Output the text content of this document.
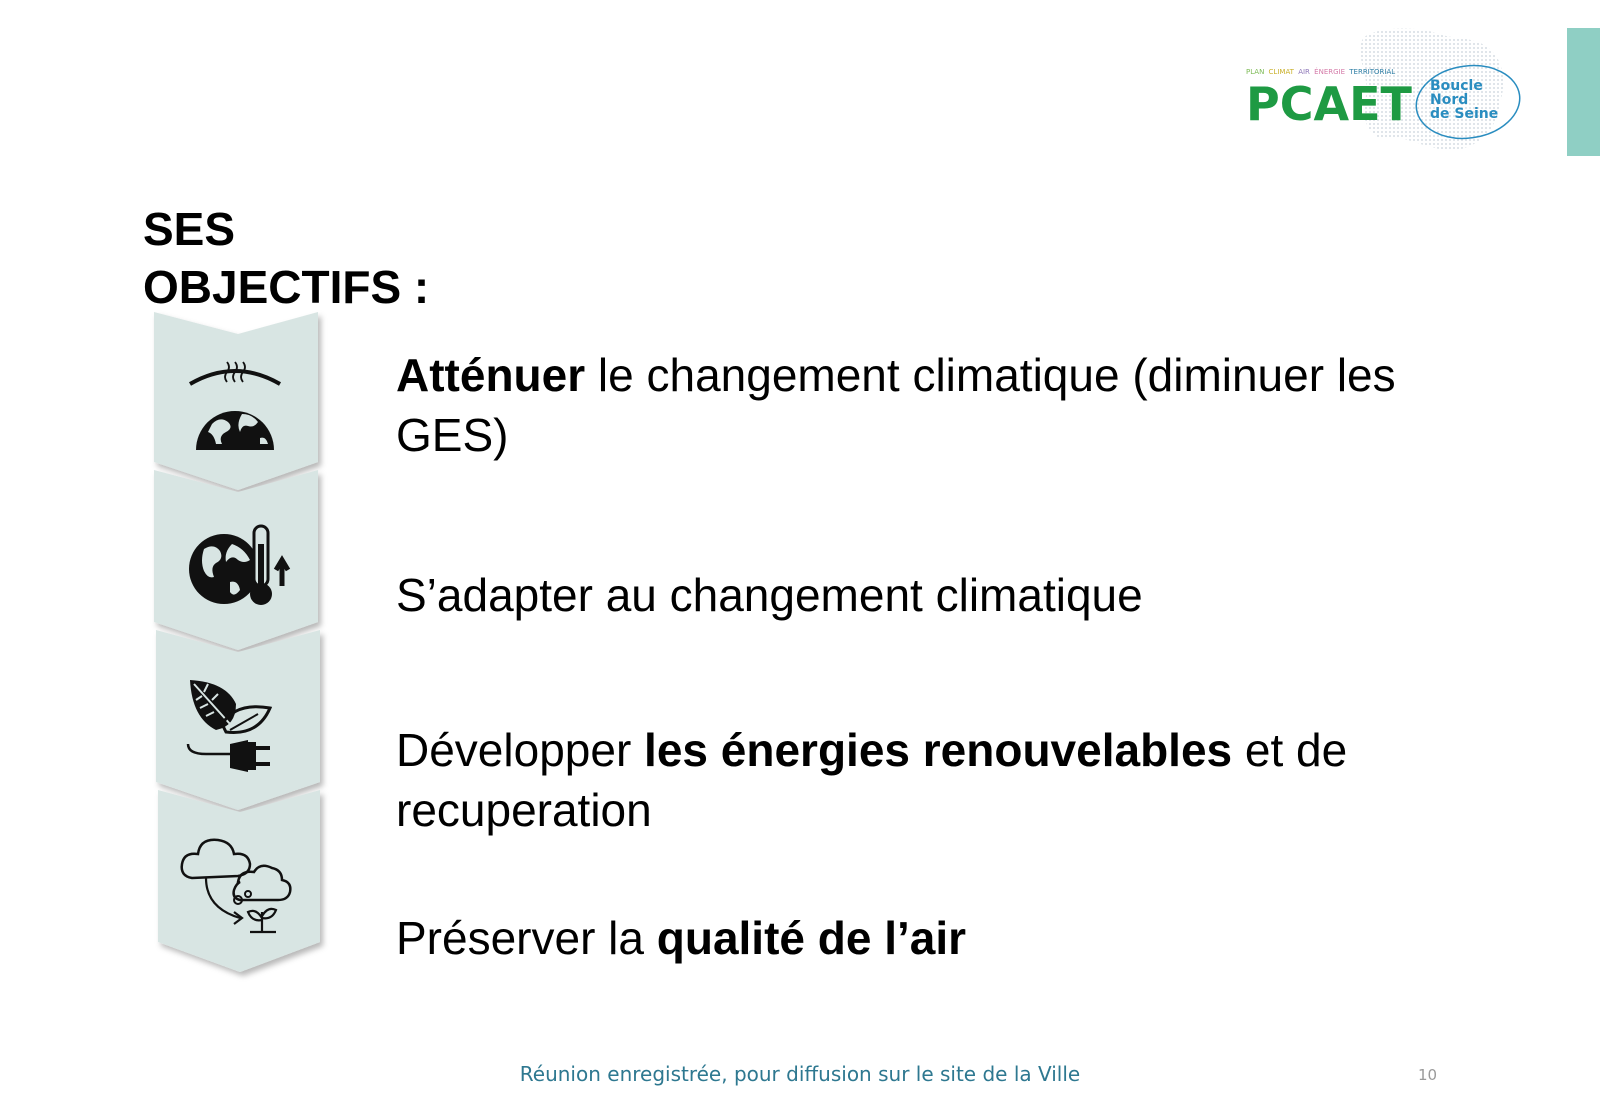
PLAN CLIMAT AIR ÉNERGIE TERRITORIAL
PCAET Boucle Nord de Seine
SES
OBJECTIFS :
Atténuer le changement climatique (diminuer les GES)
S’adapter au changement climatique
Développer les énergies renouvelables et de recuperation
Préserver la qualité de l’air
Réunion enregistrée, pour diffusion sur le site de la Ville	10
